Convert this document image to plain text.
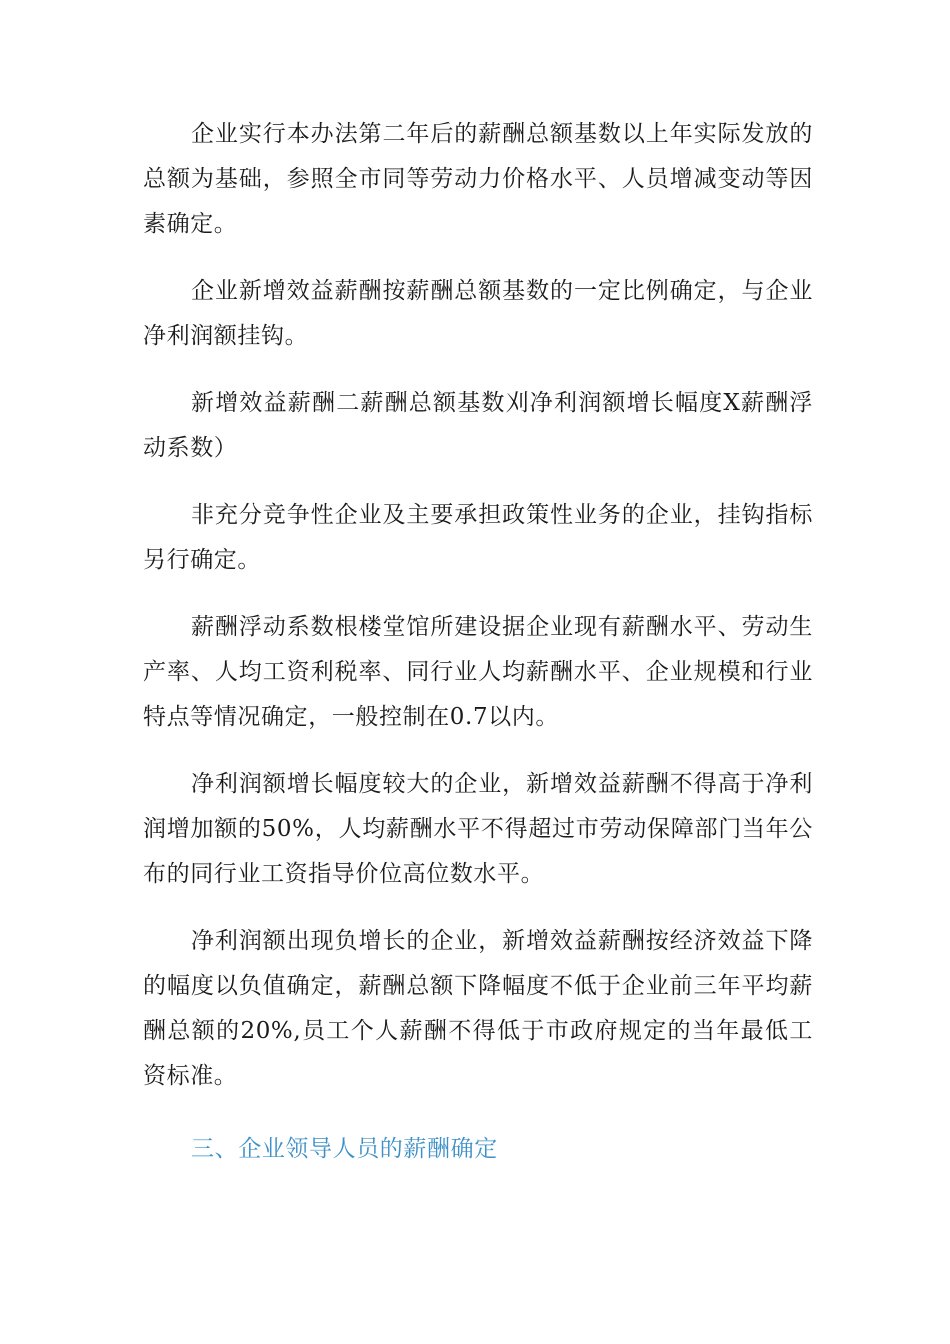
企业实行本办法第二年后的薪酬总额基数以上年实际发放的总额为基础，参照全市同等劳动力价格水平、人员增减变动等因素确定。

企业新增效益薪酬按薪酬总额基数的一定比例确定，与企业净利润额挂钩。

新增效益薪酬二薪酬总额基数刈净利润额增长幅度X薪酬浮动系数）

非充分竞争性企业及主要承担政策性业务的企业，挂钩指标另行确定。

薪酬浮动系数根楼堂馆所建设据企业现有薪酬水平、劳动生产率、人均工资利税率、同行业人均薪酬水平、企业规模和行业特点等情况确定，一般控制在0.7以内。

净利润额增长幅度较大的企业，新增效益薪酬不得高于净利润增加额的50%，人均薪酬水平不得超过市劳动保障部门当年公布的同行业工资指导价位高位数水平。

净利润额出现负增长的企业，新增效益薪酬按经济效益下降的幅度以负值确定，薪酬总额下降幅度不低于企业前三年平均薪酬总额的20%,员工个人薪酬不得低于市政府规定的当年最低工资标准。

三、企业领导人员的薪酬确定
